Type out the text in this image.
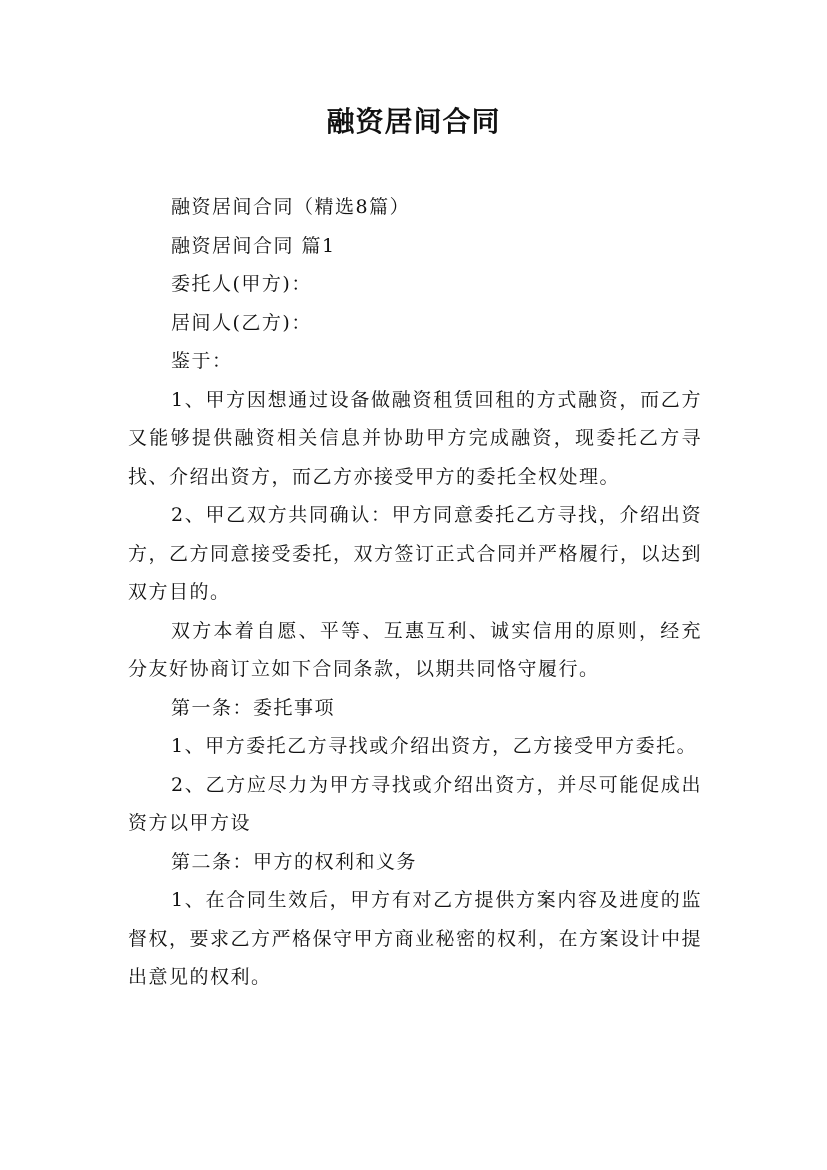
融资居间合同

融资居间合同（精选8篇）

融资居间合同 篇1

委托人(甲方)：

居间人(乙方)：

鉴于：

1、甲方因想通过设备做融资租赁回租的方式融资，而乙方又能够提供融资相关信息并协助甲方完成融资，现委托乙方寻找、介绍出资方，而乙方亦接受甲方的委托全权处理。

2、甲乙双方共同确认：甲方同意委托乙方寻找，介绍出资方，乙方同意接受委托，双方签订正式合同并严格履行，以达到双方目的。

双方本着自愿、平等、互惠互利、诚实信用的原则，经充分友好协商订立如下合同条款，以期共同恪守履行。

第一条：委托事项

1、甲方委托乙方寻找或介绍出资方，乙方接受甲方委托。

2、乙方应尽力为甲方寻找或介绍出资方，并尽可能促成出资方以甲方设

第二条：甲方的权利和义务

1、在合同生效后，甲方有对乙方提供方案内容及进度的监督权，要求乙方严格保守甲方商业秘密的权利，在方案设计中提出意见的权利。
